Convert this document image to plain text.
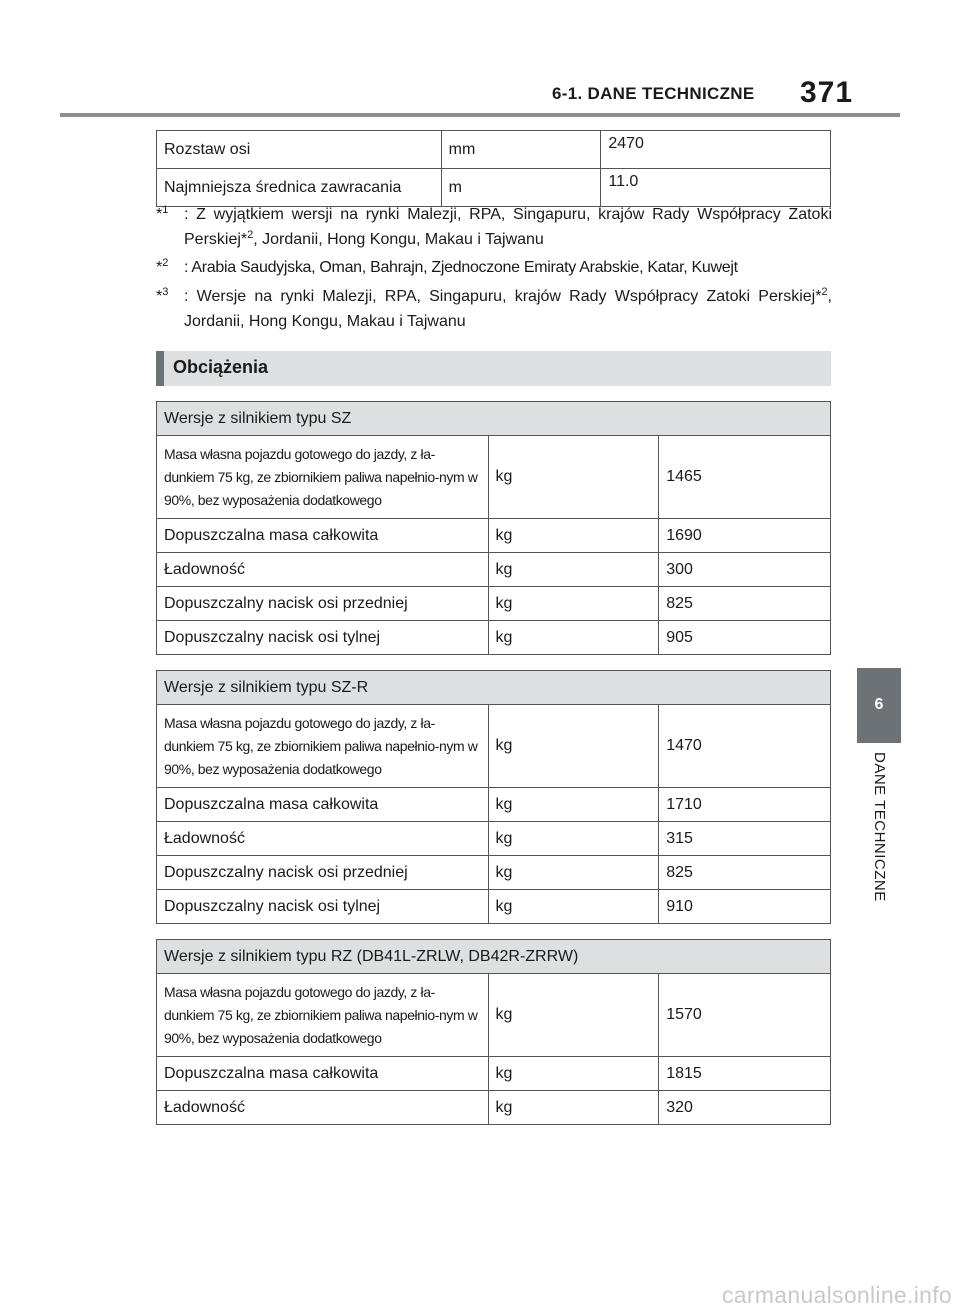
6-1. DANE TECHNICZNE 371
Rozstaw osi	mm	2470
Najmniejsza średnica zawracania	m	11.0
*$^1$ : Z wyjątkiem wersji na rynki Malezji, RPA, Singapuru, krajów Rady Współpracy Zatoki Perskiej*$^2$, Jordanii, Hong Kongu, Makau i Tajwanu
*$^2$ : Arabia Saudyjska, Oman, Bahrajn, Zjednoczone Emiraty Arabskie, Katar, Kuwejt
*$^3$ : Wersje na rynki Malezji, RPA, Singapuru, krajów Rady Współpracy Zatoki Perskiej*$^2$, Jordanii, Hong Kongu, Makau i Tajwanu
Obciążenia
Wersje z silnikiem typu SZ		
Masa własna pojazdu gotowego do jazdy, z ła-dunkiem 75 kg, ze zbiornikiem paliwa napełnio-nym w 90%, bez wyposażenia dodatkowego	kg	1465
Dopuszczalna masa całkowita	kg	1690
Ładowność	kg	300
Dopuszczalny nacisk osi przedniej	kg	825
Dopuszczalny nacisk osi tylnej	kg	905
Wersje z silnikiem typu SZ-R		
Masa własna pojazdu gotowego do jazdy, z ła-dunkiem 75 kg, ze zbiornikiem paliwa napełnio-nym w 90%, bez wyposażenia dodatkowego	kg	1470
Dopuszczalna masa całkowita	kg	1710
Ładowność	kg	315
Dopuszczalny nacisk osi przedniej	kg	825
Dopuszczalny nacisk osi tylnej	kg	910
Wersje z silnikiem typu RZ (DB41L-ZRLW, DB42R-ZRRW)		
Masa własna pojazdu gotowego do jazdy, z ła-dunkiem 75 kg, ze zbiornikiem paliwa napełnio-nym w 90%, bez wyposażenia dodatkowego	kg	1570
Dopuszczalna masa całkowita	kg	1815
Ładowność	kg	320
6
DANE TECHNICZNE
carmanualsonline.info
